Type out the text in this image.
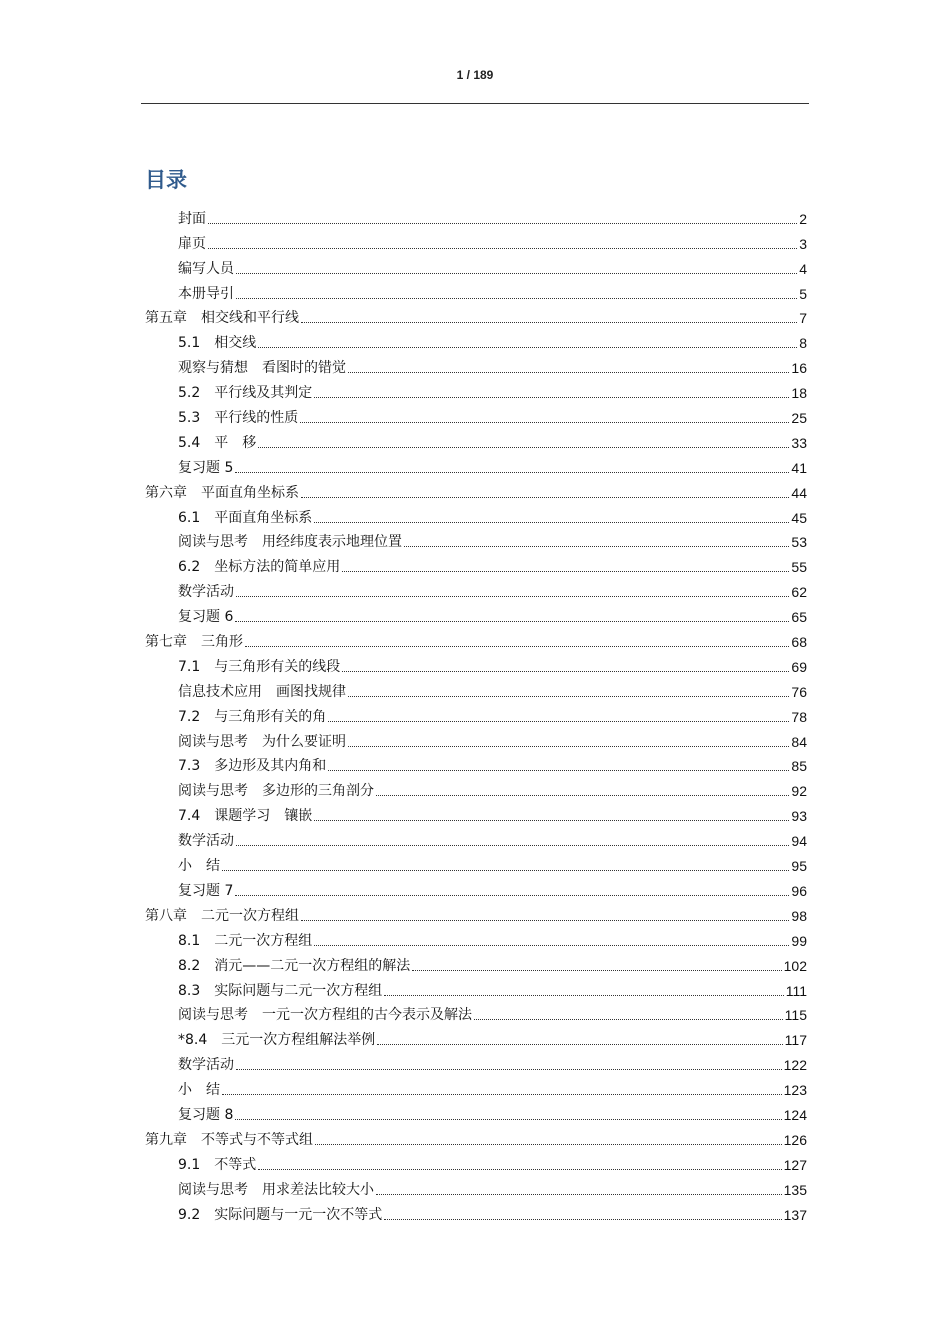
1 / 189
目录
封面	2
扉页	3
编写人员	4
本册导引	5
第五章　相交线和平行线	7
5.1　相交线	8
观察与猜想　看图时的错觉	16
5.2　平行线及其判定	18
5.3　平行线的性质	25
5.4　平　移	33
复习题 5	41
第六章　平面直角坐标系	44
6.1　平面直角坐标系	45
阅读与思考　用经纬度表示地理位置	53
6.2　坐标方法的简单应用	55
数学活动	62
复习题 6	65
第七章　三角形	68
7.1　与三角形有关的线段	69
信息技术应用　画图找规律	76
7.2　与三角形有关的角	78
阅读与思考　为什么要证明	84
7.3　多边形及其内角和	85
阅读与思考　多边形的三角剖分	92
7.4　课题学习　镶嵌	93
数学活动	94
小　结	95
复习题 7	96
第八章　二元一次方程组	98
8.1　二元一次方程组	99
8.2　消元——二元一次方程组的解法	102
8.3　实际问题与二元一次方程组	111
阅读与思考　一元一次方程组的古今表示及解法	115
*8.4　三元一次方程组解法举例	117
数学活动	122
小　结	123
复习题 8	124
第九章　不等式与不等式组	126
9.1　不等式	127
阅读与思考　用求差法比较大小	135
9.2　实际问题与一元一次不等式	137
